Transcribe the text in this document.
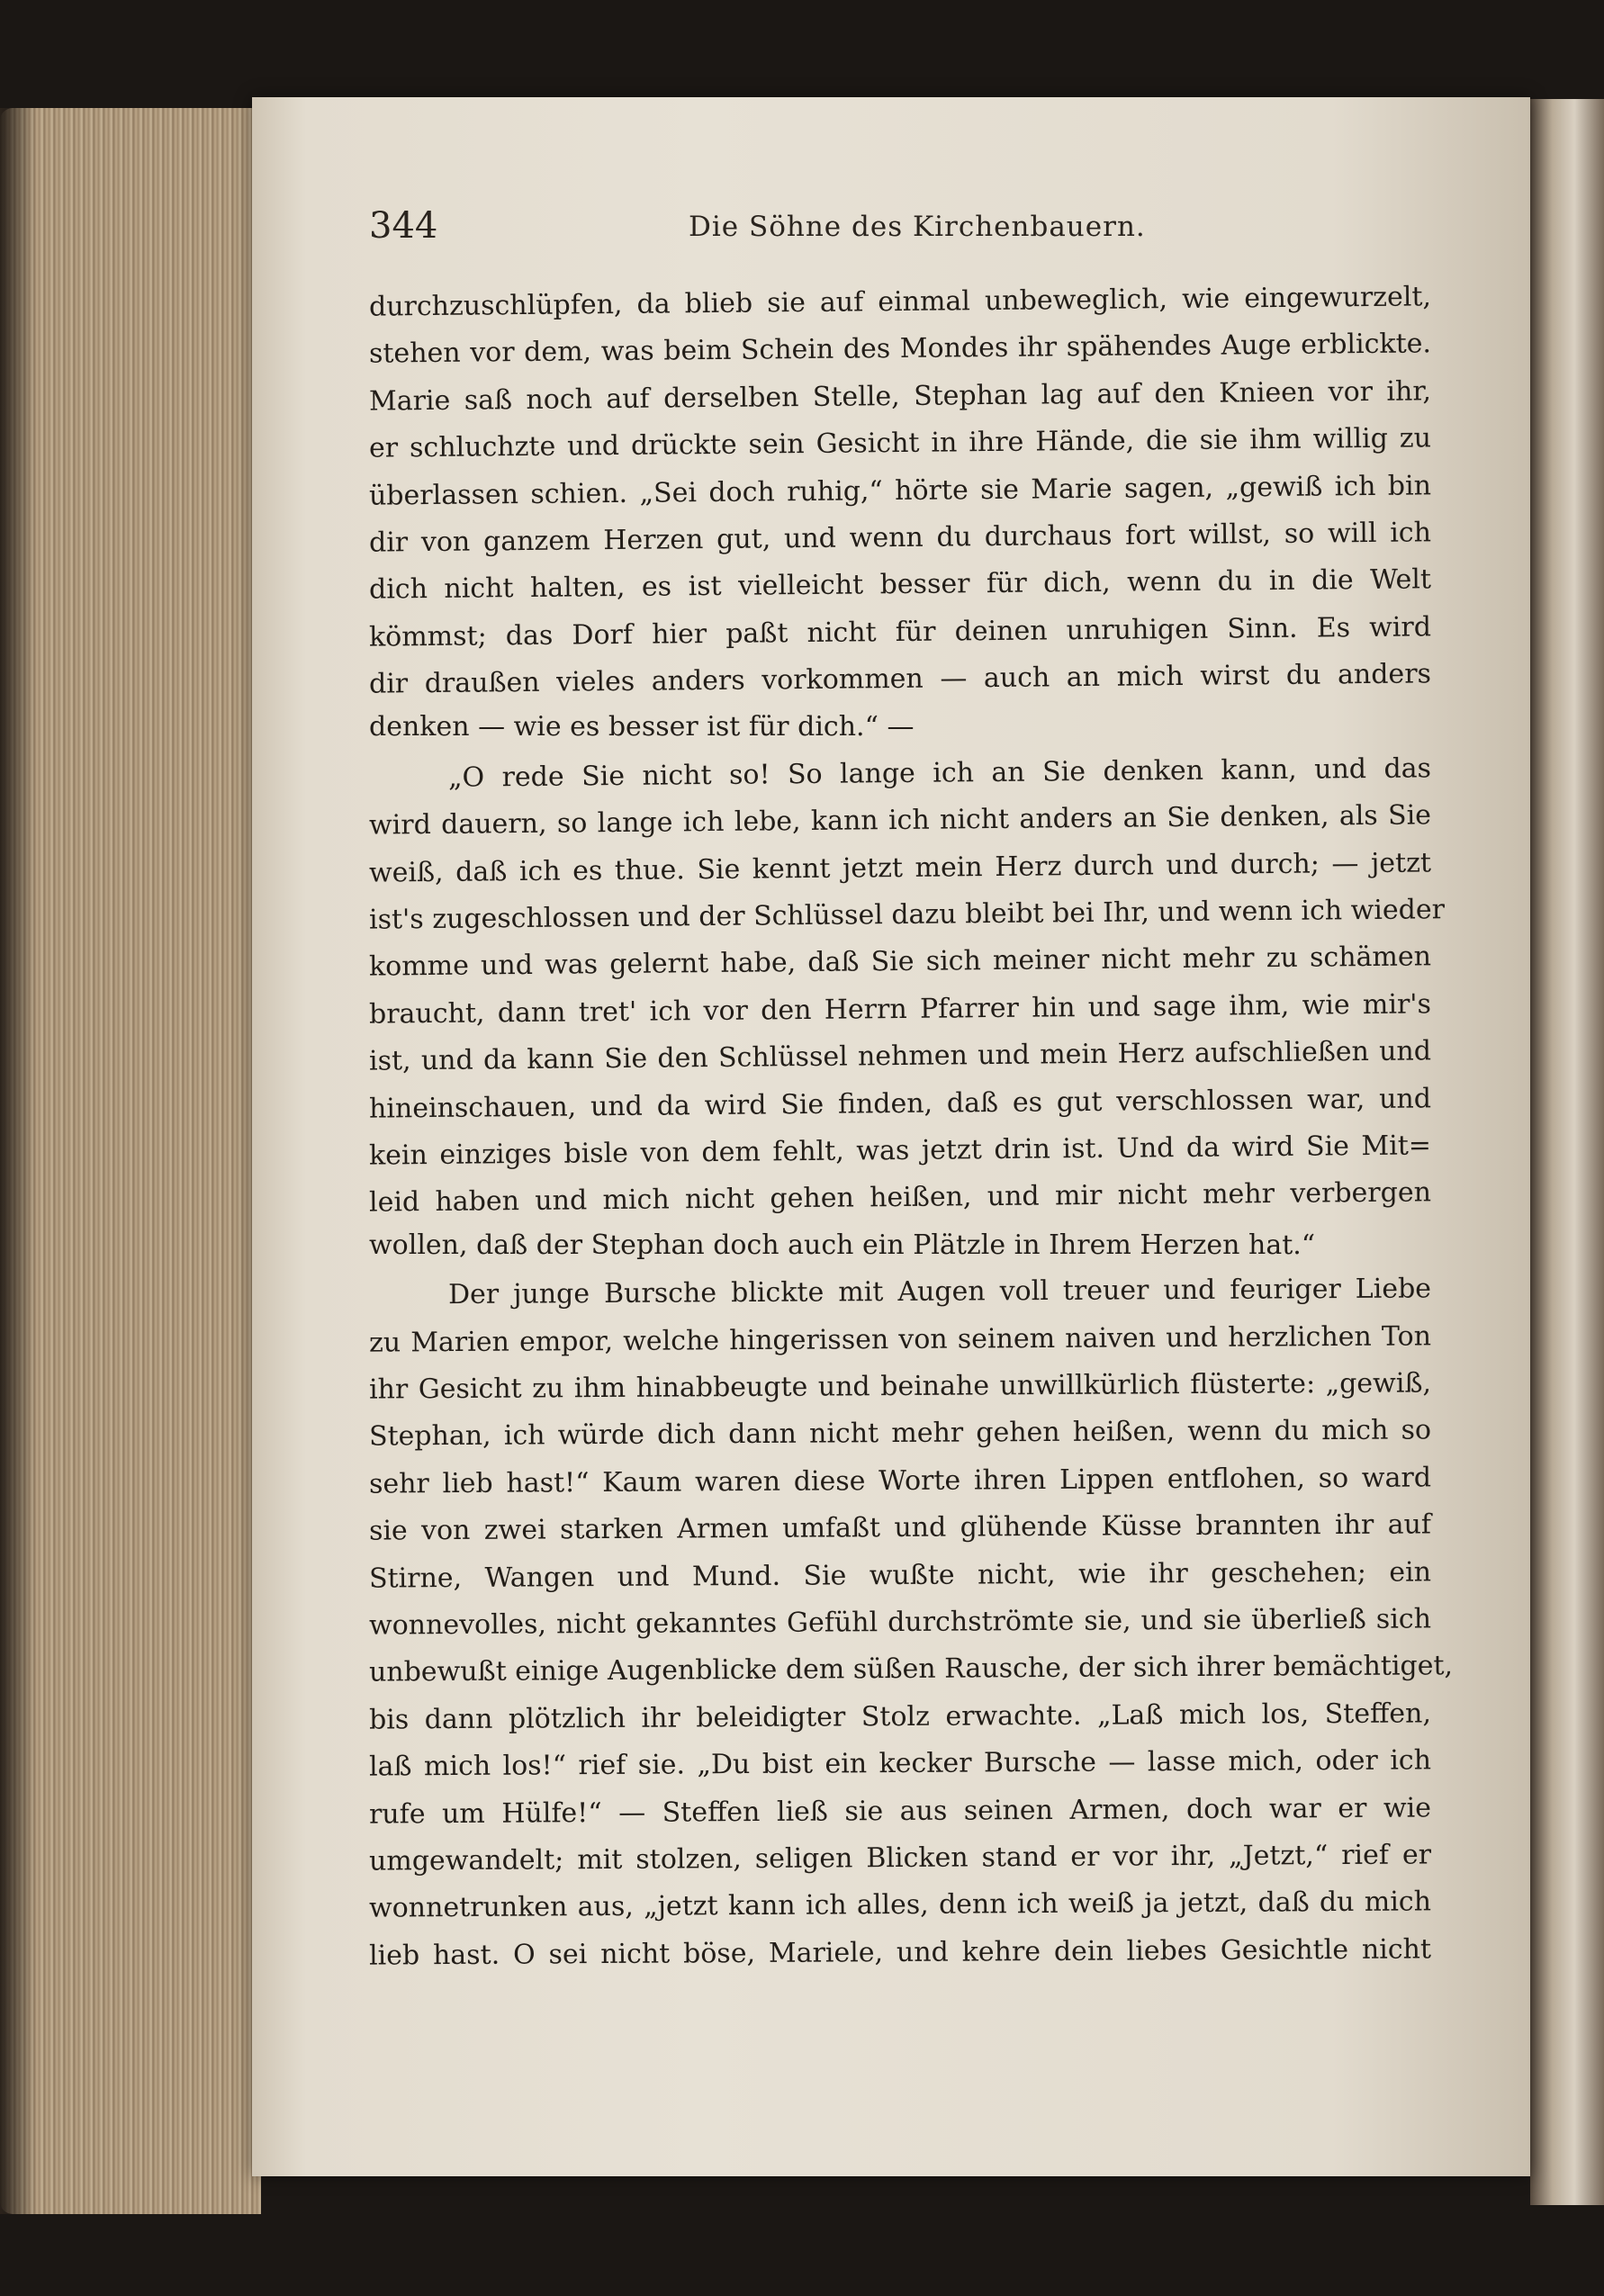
344	Die Söhne des Kirchenbauern.
durchzuschlüpfen, da blieb sie auf einmal unbeweglich, wie eingewurzelt,
stehen vor dem, was beim Schein des Mondes ihr spähendes Auge erblickte.
Marie saß noch auf derselben Stelle, Stephan lag auf den Knieen vor ihr,
er schluchzte und drückte sein Gesicht in ihre Hände, die sie ihm willig zu
überlassen schien. „Sei doch ruhig,“ hörte sie Marie sagen, „gewiß ich bin
dir von ganzem Herzen gut, und wenn du durchaus fort willst, so will ich
dich nicht halten, es ist vielleicht besser für dich, wenn du in die Welt
kömmst; das Dorf hier paßt nicht für deinen unruhigen Sinn. Es wird
dir draußen vieles anders vorkommen — auch an mich wirst du anders
denken — wie es besser ist für dich.“ —
„O rede Sie nicht so! So lange ich an Sie denken kann, und das
wird dauern, so lange ich lebe, kann ich nicht anders an Sie denken, als Sie
weiß, daß ich es thue. Sie kennt jetzt mein Herz durch und durch; — jetzt
ist's zugeschlossen und der Schlüssel dazu bleibt bei Ihr, und wenn ich wieder
komme und was gelernt habe, daß Sie sich meiner nicht mehr zu schämen
braucht, dann tret' ich vor den Herrn Pfarrer hin und sage ihm, wie mir's
ist, und da kann Sie den Schlüssel nehmen und mein Herz aufschließen und
hineinschauen, und da wird Sie finden, daß es gut verschlossen war, und
kein einziges bisle von dem fehlt, was jetzt drin ist. Und da wird Sie Mit=
leid haben und mich nicht gehen heißen, und mir nicht mehr verbergen
wollen, daß der Stephan doch auch ein Plätzle in Ihrem Herzen hat.“
Der junge Bursche blickte mit Augen voll treuer und feuriger Liebe
zu Marien empor, welche hingerissen von seinem naiven und herzlichen Ton
ihr Gesicht zu ihm hinabbeugte und beinahe unwillkürlich flüsterte: „gewiß,
Stephan, ich würde dich dann nicht mehr gehen heißen, wenn du mich so
sehr lieb hast!“ Kaum waren diese Worte ihren Lippen entflohen, so ward
sie von zwei starken Armen umfaßt und glühende Küsse brannten ihr auf
Stirne, Wangen und Mund. Sie wußte nicht, wie ihr geschehen; ein
wonnevolles, nicht gekanntes Gefühl durchströmte sie, und sie überließ sich
unbewußt einige Augenblicke dem süßen Rausche, der sich ihrer bemächtiget,
bis dann plötzlich ihr beleidigter Stolz erwachte. „Laß mich los, Steffen,
laß mich los!“ rief sie. „Du bist ein kecker Bursche — lasse mich, oder ich
rufe um Hülfe!“ — Steffen ließ sie aus seinen Armen, doch war er wie
umgewandelt; mit stolzen, seligen Blicken stand er vor ihr, „Jetzt,“ rief er
wonnetrunken aus, „jetzt kann ich alles, denn ich weiß ja jetzt, daß du mich
lieb hast. O sei nicht böse, Mariele, und kehre dein liebes Gesichtle nicht
